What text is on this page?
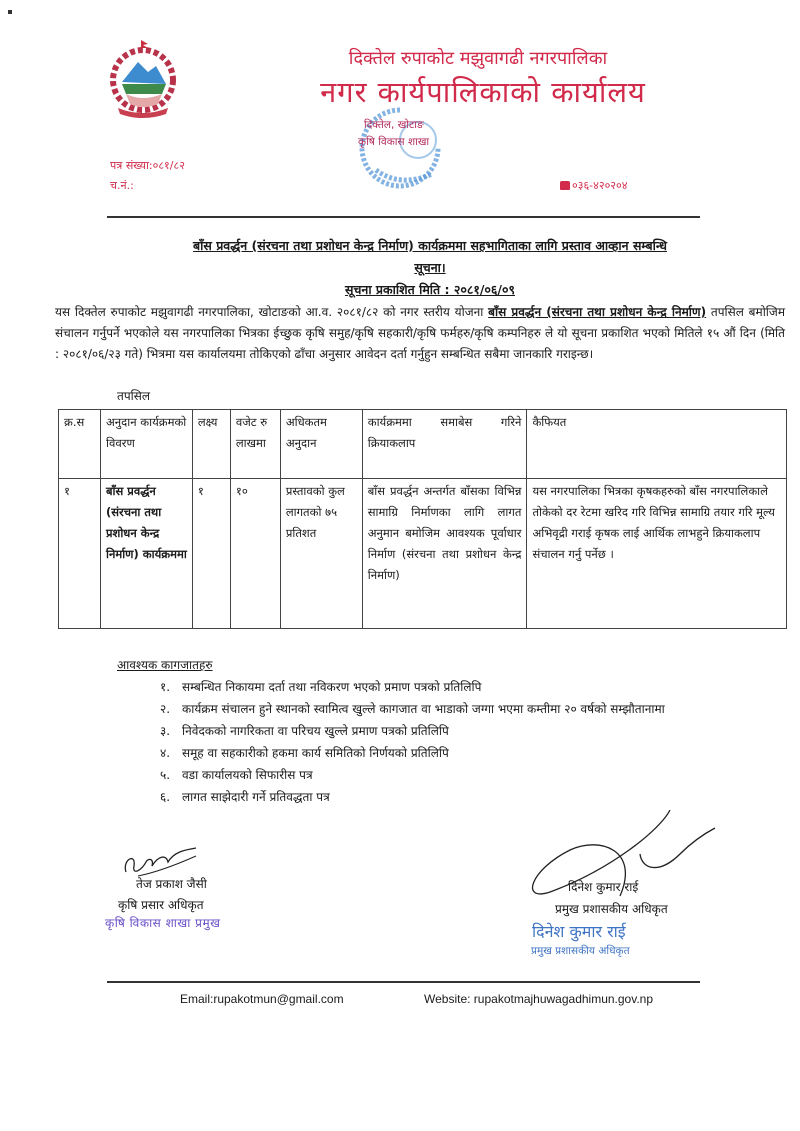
दिक्तेल रुपाकोट मझुवागढी नगरपालिका
नगर कार्यपालिकाको कार्यालय
दिक्तेल, खोटाङ
कृषि विकास शाखा
पत्र संख्या:०८१/८२
च.नं.:	०३६-४२०२०४
बाँस प्रवर्द्धन (संरचना तथा प्रशोधन केन्द्र निर्माण) कार्यक्रममा सहभागिताका लागि प्रस्ताव आव्हान सम्बन्धि
सूचना।
सूचना प्रकाशित मिति : २०८१/०६/०९
यस दिक्तेल रुपाकोट मझुवागढी नगरपालिका, खोटाङको आ.व. २०८१/८२ को नगर स्तरीय योजना बाँस प्रवर्द्धन (संरचना तथा प्रशोधन केन्द्र निर्माण) तपसिल बमोजिम संचालन गर्नुपर्ने भएकोले यस नगरपालिका भित्रका ईच्छुक कृषि समुह/कृषि सहकारी/कृषि फर्महरु/कृषि कम्पनिहरु ले यो सूचना प्रकाशित भएको मितिले १५ औं दिन (मिति : २०८१/०६/२३ गते) भित्रमा यस कार्यालयमा तोकिएको ढाँचा अनुसार आवेदन दर्ता गर्नुहुन सम्बन्धित सबैमा जानकारि गराइन्छ।
तपसिल
क्र.स	अनुदान कार्यक्रमको विवरण	लक्ष्य	वजेट रु लाखमा	अधिकतम अनुदान	कार्यक्रममा समाबेस गरिने क्रियाकलाप	कैफियत
१	बाँस प्रवर्द्धन (संरचना तथा प्रशोधन केन्द्र निर्माण) कार्यक्रममा	१	१०	प्रस्तावको कुल लागतको ७५ प्रतिशत	बाँस प्रवर्द्धन अन्तर्गत बाँसका विभिन्न सामाग्रि निर्माणका लागि लागत अनुमान बमोजिम आवश्यक पूर्वाधार निर्माण (संरचना तथा प्रशोधन केन्द्र निर्माण)	यस नगरपालिका भित्रका कृषकहरुको बाँस नगरपालिकाले तोकेको दर रेटमा खरिद गरि विभिन्न सामाग्रि तयार गरि मूल्य अभिवृद्री गराई कृषक लाई आर्थिक लाभहुने क्रियाकलाप संचालन गर्नु पर्नेछ ।
आवश्यक कागजातहरु
१. सम्बन्धित निकायमा दर्ता तथा नविकरण भएको प्रमाण पत्रको प्रतिलिपि
२. कार्यक्रम संचालन हुने स्थानको स्वामित्व खुल्ले कागजात वा भाडाको जग्गा भएमा कम्तीमा २० वर्षको सम्झौतानामा
३. निवेदकको नागरिकता वा परिचय खुल्ले प्रमाण पत्रको प्रतिलिपि
४. समूह वा सहकारीको हकमा कार्य समितिको निर्णयको प्रतिलिपि
५. वडा कार्यालयको सिफारीस पत्र
६. लागत साझेदारी गर्ने प्रतिवद्धता पत्र
तेज प्रकाश जैसी
कृषि प्रसार अधिकृत
कृषि विकास शाखा प्रमुख
दिनेश कुमार राई
प्रमुख प्रशासकीय अधिकृत
दिनेश कुमार राई
प्रमुख प्रशासकीय अधिकृत
Email:rupakotmun@gmail.com	Website: rupakotmajhuwagadhimun.gov.np
